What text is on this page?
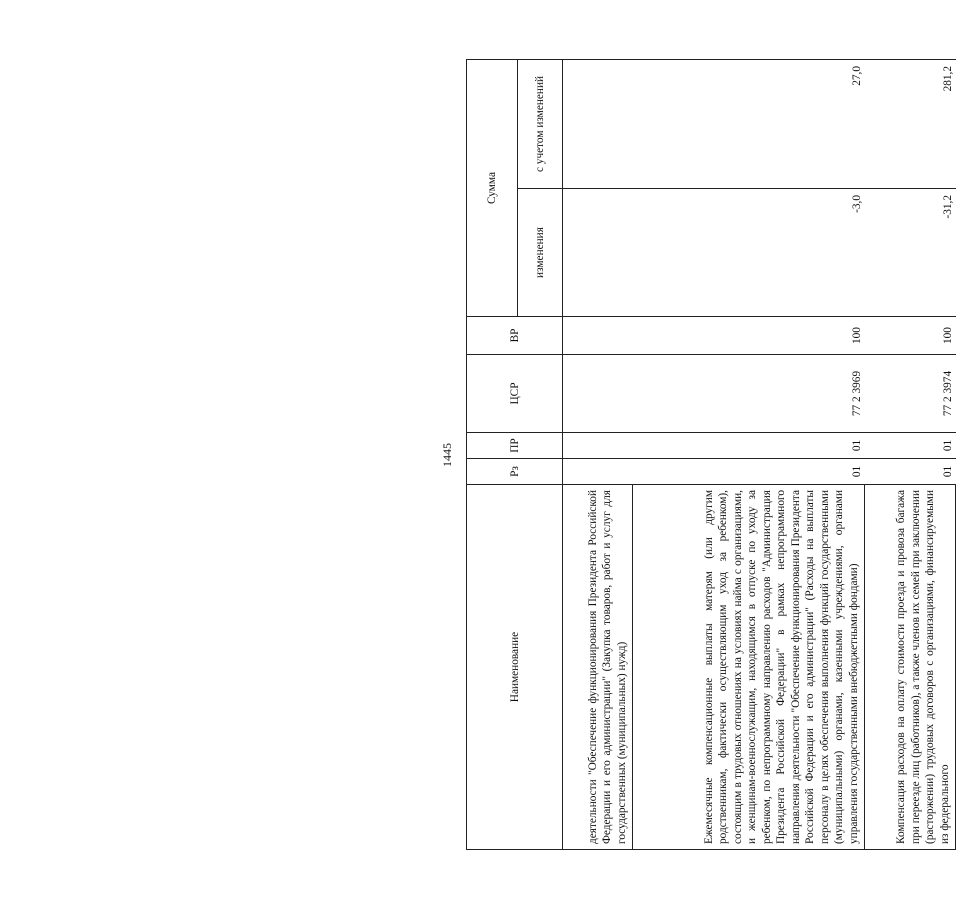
1445
Наименование	Рз	ПР	ЦСР	ВР	Сумма	
					изменения	с учетом изменений
деятельности "Обеспечение функционирования Президента Российской Федерации и его администрации" (Закупка товаров, работ и услуг для государственных (муниципальных) нужд)						
Ежемесячные компенсационные выплаты матерям (или другим родственникам, фактически осуществляющим уход за ребенком), состоящим в трудовых отношениях на условиях найма с организациями, и женщинам-военнослужащим, находящимся в отпуске по уходу за ребенком, по непрограммному направлению расходов "Администрация Президента Российской Федерации" в рамках непрограммного направления деятельности "Обеспечение функционирования Президента Российской Федерации и его администрации" (Расходы на выплаты персоналу в целях обеспечения выполнения функций государственными (муниципальными) органами, казенными учреждениями, органами управления государственными внебюджетными фондами)	01	01	77 2 3969	100	-3,0	27,0
Компенсация расходов на оплату стоимости проезда и провоза багажа при переезде лиц (работников), а также членов их семей при заключении (расторжении) трудовых договоров с организациями, финансируемыми из федерального	01	01	77 2 3974	100	-31,2	281,2
